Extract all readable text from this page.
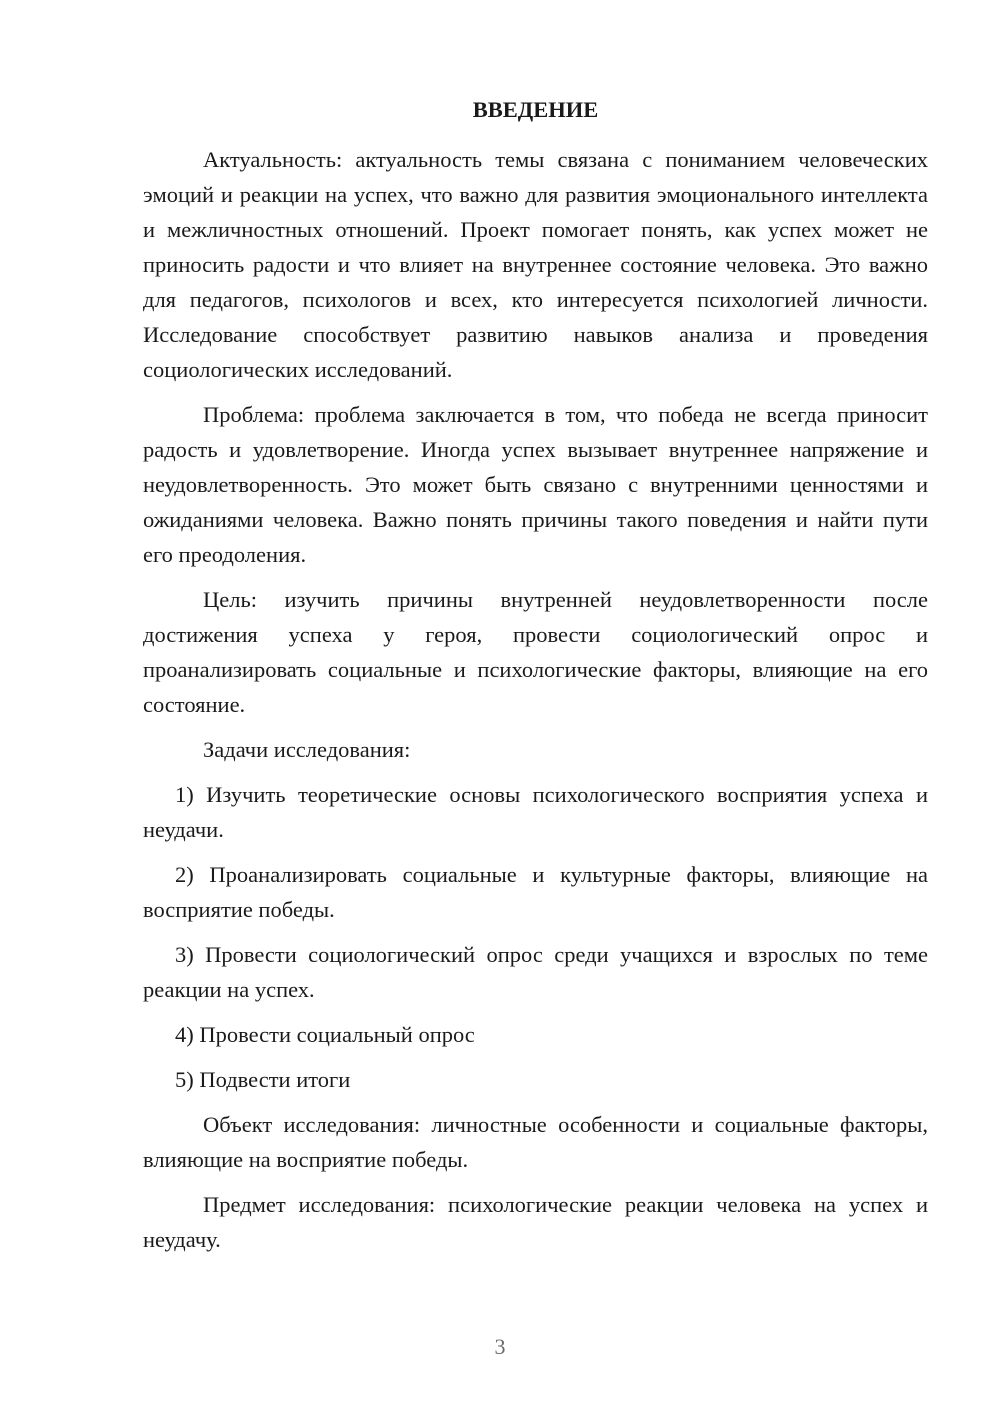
ВВЕДЕНИЕ

Актуальность: актуальность темы связана с пониманием человеческих эмоций и реакции на успех, что важно для развития эмоционального интеллекта и межличностных отношений. Проект помогает понять, как успех может не приносить радости и что влияет на внутреннее состояние человека. Это важно для педагогов, психологов и всех, кто интересуется психологией личности. Исследование способствует развитию навыков анализа и проведения социологических исследований.

Проблема: проблема заключается в том, что победа не всегда приносит радость и удовлетворение. Иногда успех вызывает внутреннее напряжение и неудовлетворенность. Это может быть связано с внутренними ценностями и ожиданиями человека. Важно понять причины такого поведения и найти пути его преодоления.

Цель: изучить причины внутренней неудовлетворенности после достижения успеха у героя, провести социологический опрос и проанализировать социальные и психологические факторы, влияющие на его состояние.

Задачи исследования:

1) Изучить теоретические основы психологического восприятия успеха и неудачи.

2) Проанализировать социальные и культурные факторы, влияющие на восприятие победы.

3) Провести социологический опрос среди учащихся и взрослых по теме реакции на успех.

4) Провести социальный опрос

5) Подвести итоги

Объект исследования: личностные особенности и социальные факторы, влияющие на восприятие победы.

Предмет исследования: психологические реакции человека на успех и неудачу.

3
